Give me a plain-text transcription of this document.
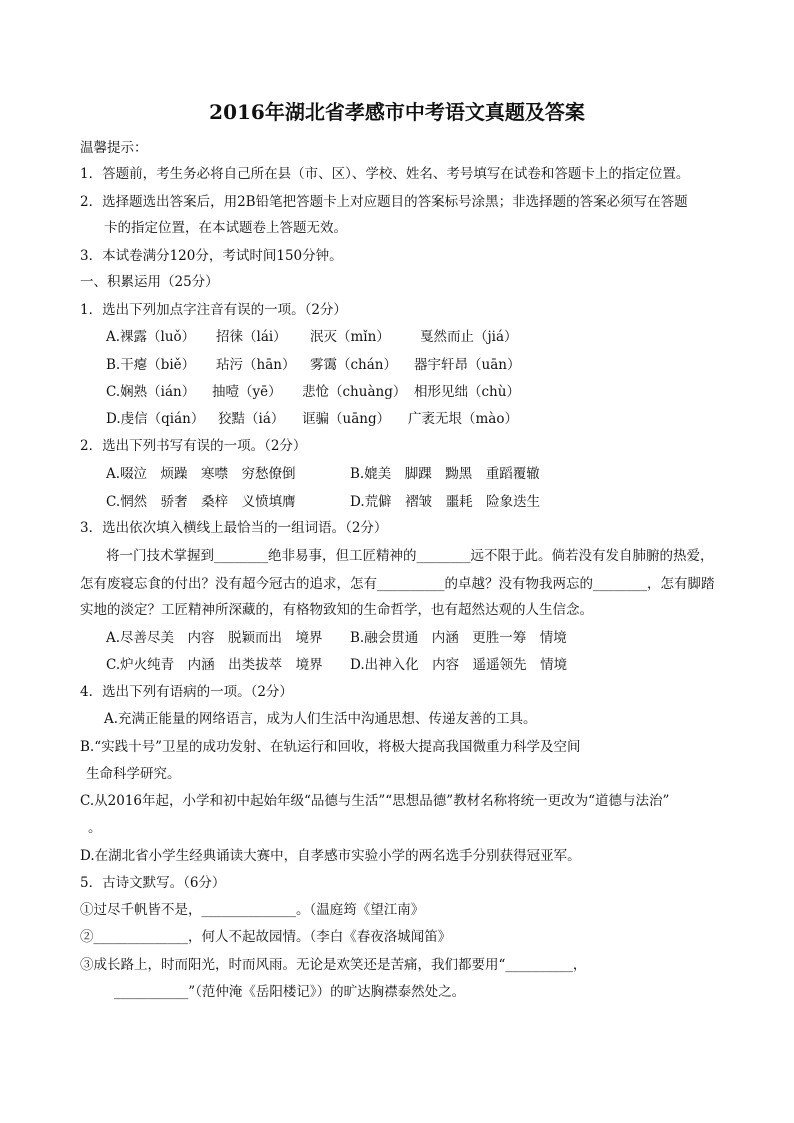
2016年湖北省孝感市中考语文真题及答案
温馨提示：
1．答题前，考生务必将自己所在县（市、区）、学校、姓名、考号填写在试卷和答题卡上的指定位置。
2．选择题选出答案后，用2B铅笔把答题卡上对应题目的答案标号涂黑；非选择题的答案必须写在答题
卡的指定位置，在本试题卷上答题无效。
3．本试卷满分120分，考试时间150分钟。
一、积累运用（25分）
1．选出下列加点字注音有误的一项。（2分）
A.裸露（luǒ） 招徕（lái） 泯灭（mǐn） 戛然而止（jiá）
B.干瘪（biě） 玷污（hān） 雾霭（chán） 器宇轩昂（uān）
C.娴熟（ián） 抽噎（yē） 悲怆（chuàng） 相形见绌（chù）
D.虔信（qián） 狡黠（iá） 诓骗（uāng） 广袤无垠（mào）
2．选出下列书写有误的一项。（2分）
A.啜泣　烦躁　寒噤　穷愁僚倒	B.媲美　脚踝　黝黑　重蹈覆辙
C.惘然　骄奢　桑梓　义愤填膺	D.荒僻　褶皱　噩耗　险象迭生
3．选出依次填入横线上最恰当的一组词语。（2分）
将一门技术掌握到________绝非易事，但工匠精神的________远不限于此。倘若没有发自肺腑的热爱，
怎有废寝忘食的付出？没有超今冠古的追求，怎有__________的卓越？没有物我两忘的________，怎有脚踏
实地的淡定？工匠精神所深藏的，有格物致知的生命哲学，也有超然达观的人生信念。
A.尽善尽美　内容　脱颖而出　境界 B.融会贯通　内涵　更胜一筹　情境
C.炉火纯青　内涵　出类拔萃　境界 D.出神入化　内容　遥遥领先　情境
4．选出下列有语病的一项。（2分）
A.充满正能量的网络语言，成为人们生活中沟通思想、传递友善的工具。
B.“实践十号”卫星的成功发射、在轨运行和回收，将极大提高我国微重力科学及空间
生命科学研究。
C.从2016年起，小学和初中起始年级“品德与生活”“思想品德”教材名称将统一更改为“道德与法治”
。
D.在湖北省小学生经典诵读大赛中，自孝感市实验小学的两名选手分别获得冠亚军。
5．古诗文默写。（6分）
①过尽千帆皆不是，______________。（温庭筠《望江南》
②______________，何人不起故园情。（李白《春夜洛城闻笛》
③成长路上，时而阳光，时而风雨。无论是欢笑还是苦痛，我们都要用“__________，
___________”（范仲淹《岳阳楼记》）的旷达胸襟泰然处之。
